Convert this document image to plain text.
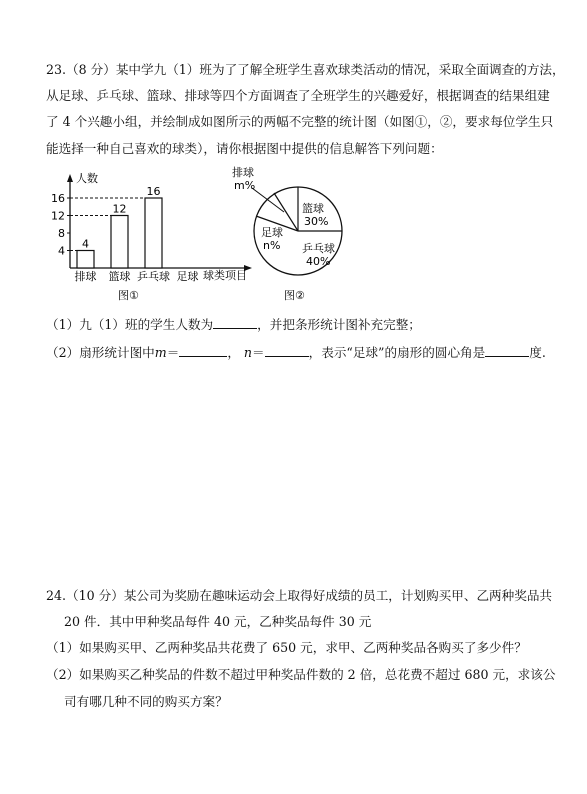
23.（8 分）某中学九（1）班为了了解全班学生喜欢球类活动的情况，采取全面调查的方法，
从足球、乒乓球、篮球、排球等四个方面调查了全班学生的兴趣爱好，根据调查的结果组建
了 4 个兴趣小组，并绘制成如图所示的两幅不完整的统计图（如图①，②，要求每位学生只
能选择一种自己喜欢的球类），请你根据图中提供的信息解答下列问题：
人数
球类项目
4
8
12
16
4
排球
12
篮球
16
乒乓球 足球
图①
排球
m%
篮球
30%
足球
n% 乒乓球
40%
图②
（1）九（1）班的学生人数为	，并把条形统计图补充完整；
（2）扇形统计图中m＝	， n＝	，表示“足球”的扇形的圆心角是	度.
24.（10 分）某公司为奖励在趣味运动会上取得好成绩的员工，计划购买甲、乙两种奖品共
20 件．其中甲种奖品每件 40 元，乙种奖品每件 30 元
（1）如果购买甲、乙两种奖品共花费了 650 元，求甲、乙两种奖品各购买了多少件？
（2）如果购买乙种奖品的件数不超过甲种奖品件数的 2 倍，总花费不超过 680 元，求该公
司有哪几种不同的购买方案？
